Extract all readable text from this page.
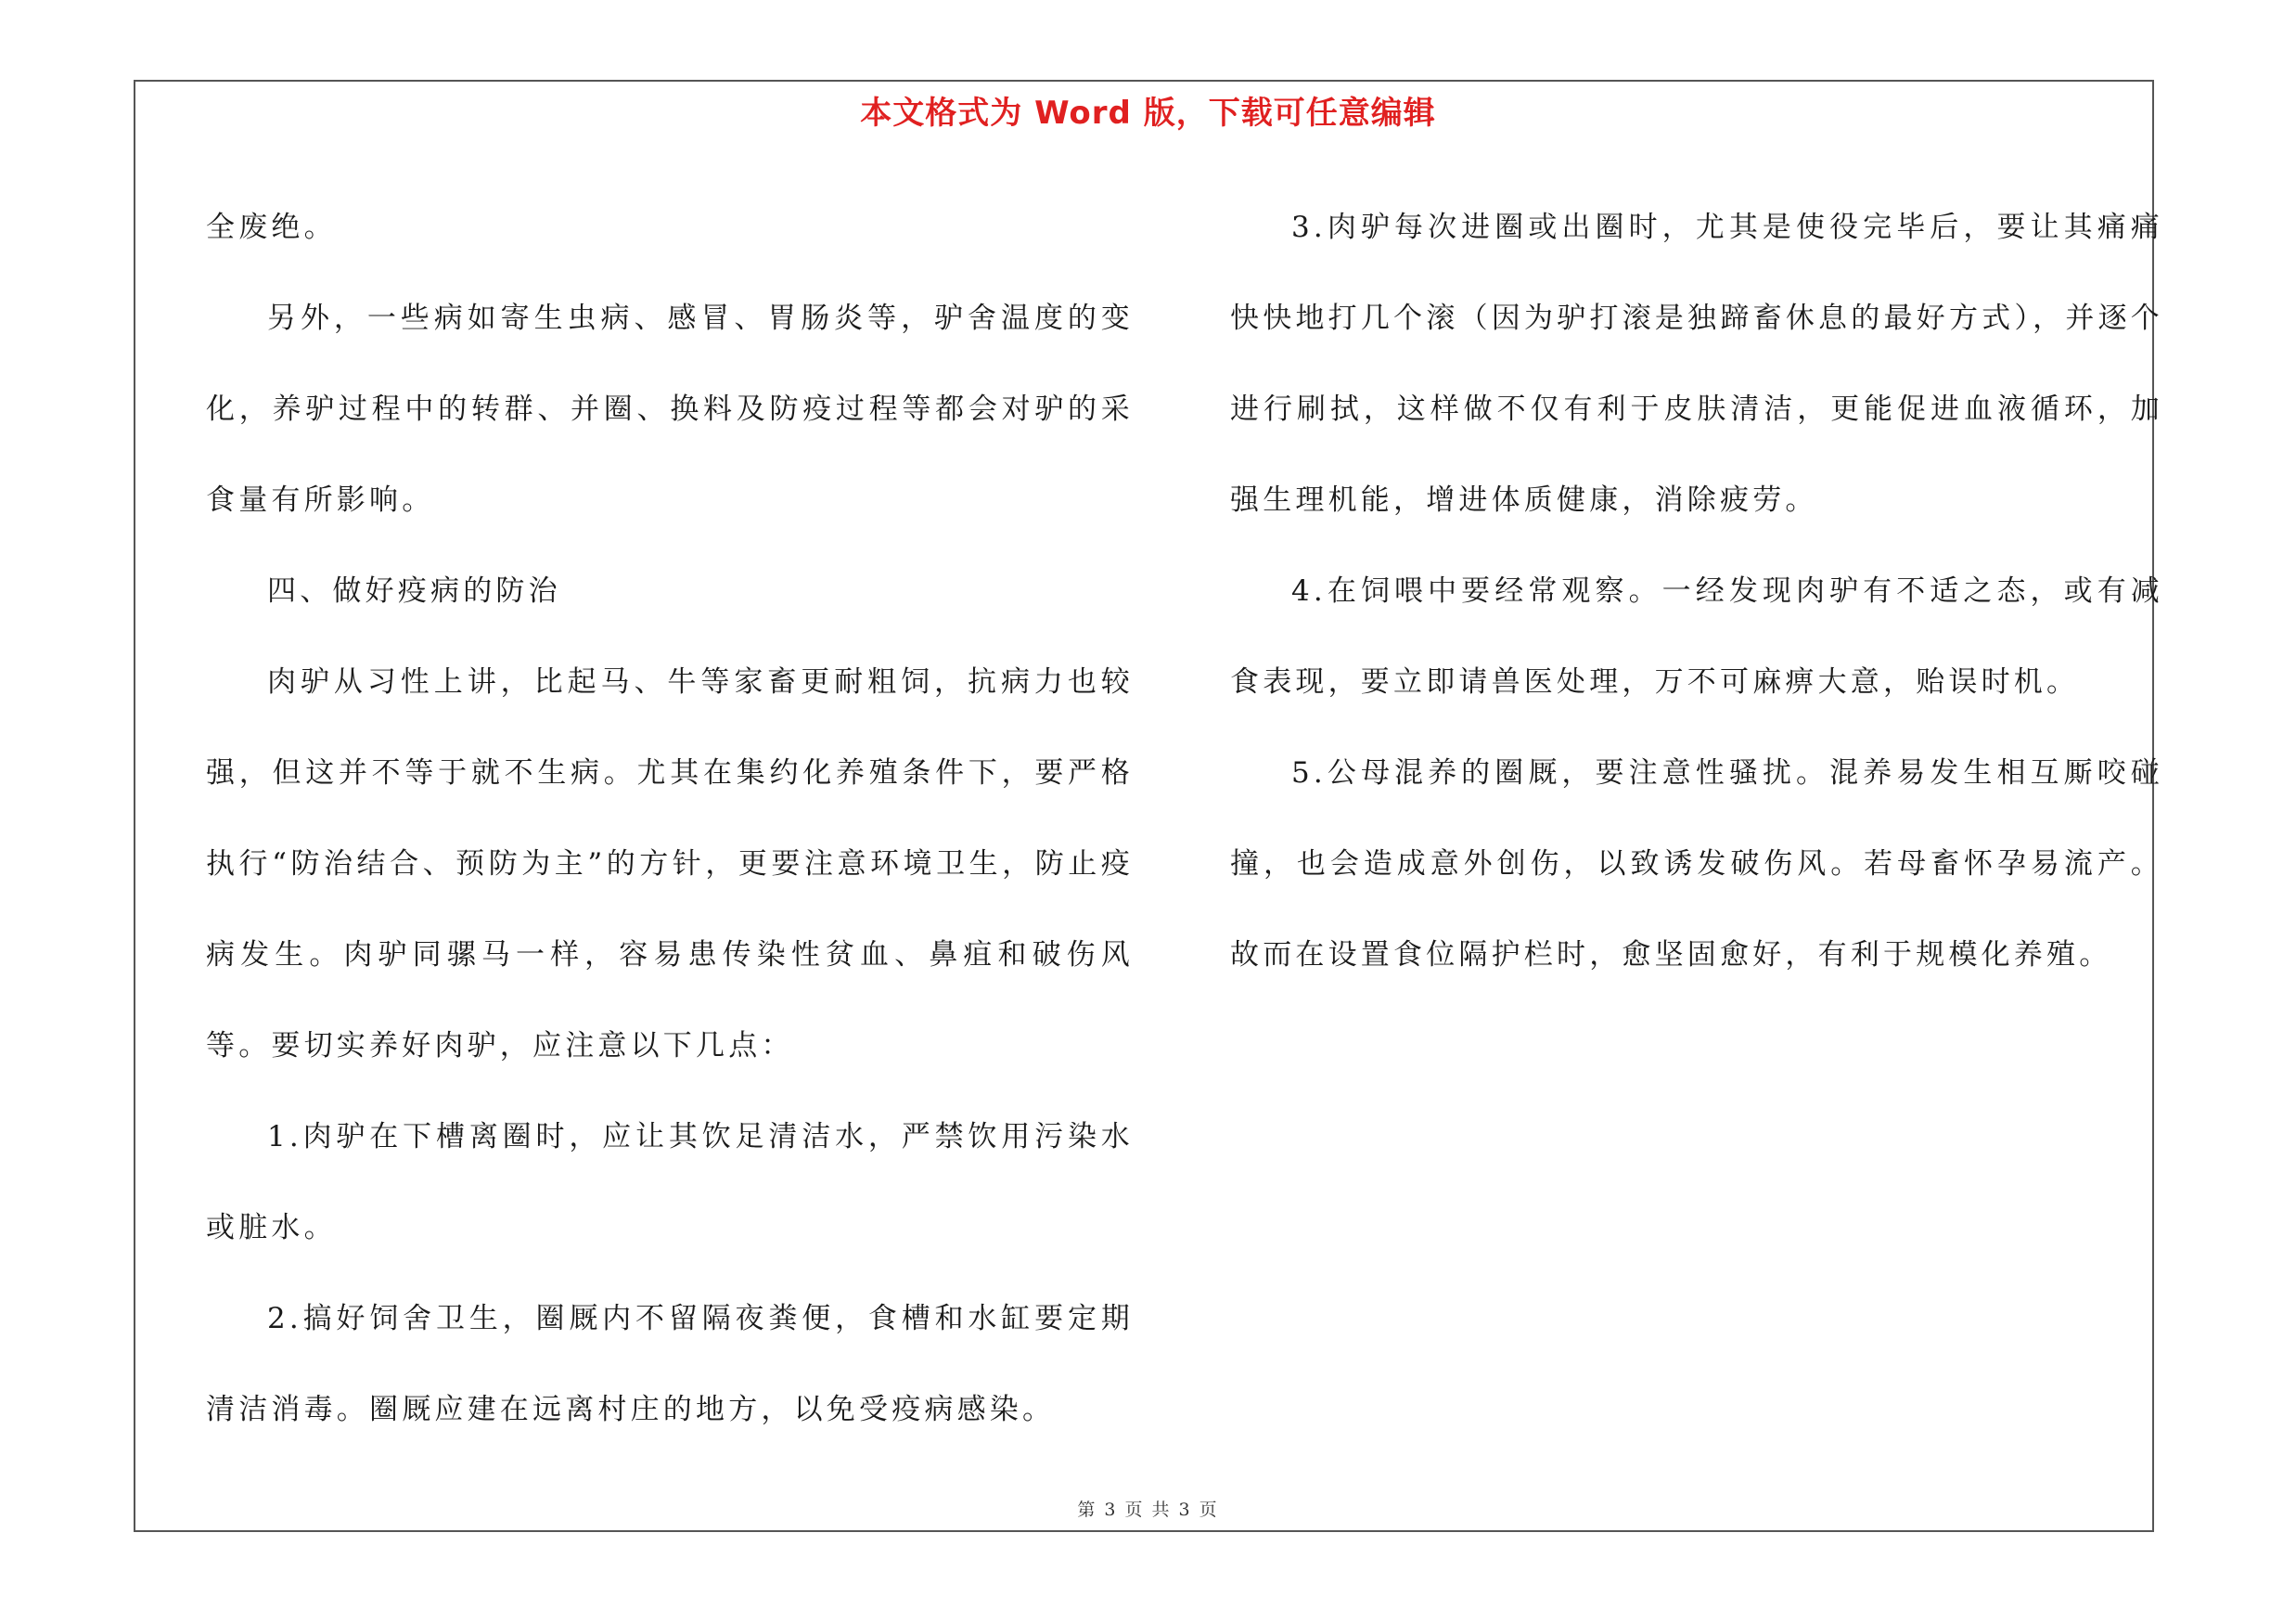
本文格式为 Word 版，下载可任意编辑

全废绝。

另外，一些病如寄生虫病、感冒、胃肠炎等，驴舍温度的变化，养驴过程中的转群、并圈、换料及防疫过程等都会对驴的采食量有所影响。

四、做好疫病的防治

肉驴从习性上讲，比起马、牛等家畜更耐粗饲，抗病力也较强，但这并不等于就不生病。尤其在集约化养殖条件下，要严格执行“防治结合、预防为主”的方针，更要注意环境卫生，防止疫病发生。肉驴同骡马一样，容易患传染性贫血、鼻疽和破伤风等。要切实养好肉驴，应注意以下几点：

1.肉驴在下槽离圈时，应让其饮足清洁水，严禁饮用污染水或脏水。

2.搞好饲舍卫生，圈厩内不留隔夜粪便，食槽和水缸要定期清洁消毒。圈厩应建在远离村庄的地方，以免受疫病感染。

3.肉驴每次进圈或出圈时，尤其是使役完毕后，要让其痛痛快快地打几个滚（因为驴打滚是独蹄畜休息的最好方式），并逐个进行刷拭，这样做不仅有利于皮肤清洁，更能促进血液循环，加强生理机能，增进体质健康，消除疲劳。

4.在饲喂中要经常观察。一经发现肉驴有不适之态，或有减食表现，要立即请兽医处理，万不可麻痹大意，贻误时机。

5.公母混养的圈厩，要注意性骚扰。混养易发生相互厮咬碰撞，也会造成意外创伤，以致诱发破伤风。若母畜怀孕易流产。故而在设置食位隔护栏时，愈坚固愈好，有利于规模化养殖。

第 3 页 共 3 页
